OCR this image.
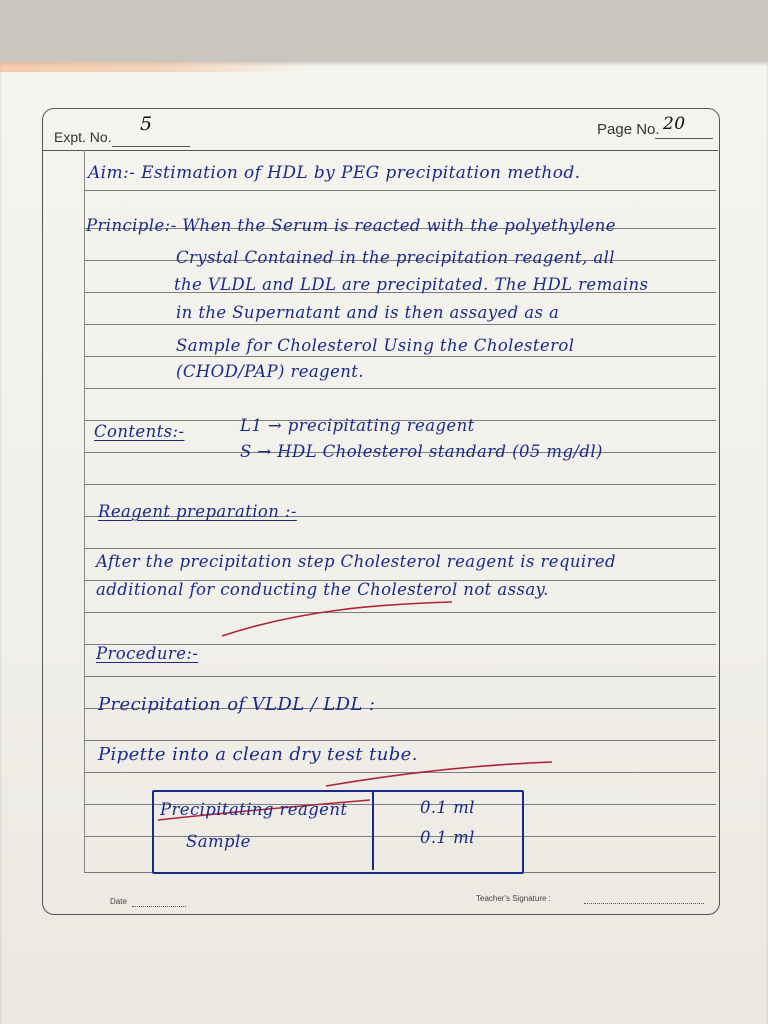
Expt. No.
5	Page No. 20
Aim:- Estimation of HDL by PEG precipitation method.
Principle:- When the Serum is reacted with the polyethylene
Crystal Contained in the precipitation reagent, all
the VLDL and LDL are precipitated. The HDL remains
in the Supernatant and is then assayed as a
Sample for Cholesterol Using the Cholesterol
(CHOD/PAP) reagent.
Contents:-	L1 → precipitating reagent
S → HDL Cholesterol standard (05 mg/dl)
Reagent preparation :-
After the precipitation step Cholesterol reagent is required
additional for conducting the Cholesterol not assay.
Procedure:-
Precipitation of VLDL / LDL :
Pipette into a clean dry test tube.
Precipitating reagent	0.1 ml
Sample	0.1 ml
Date	Teacher's Signature :
